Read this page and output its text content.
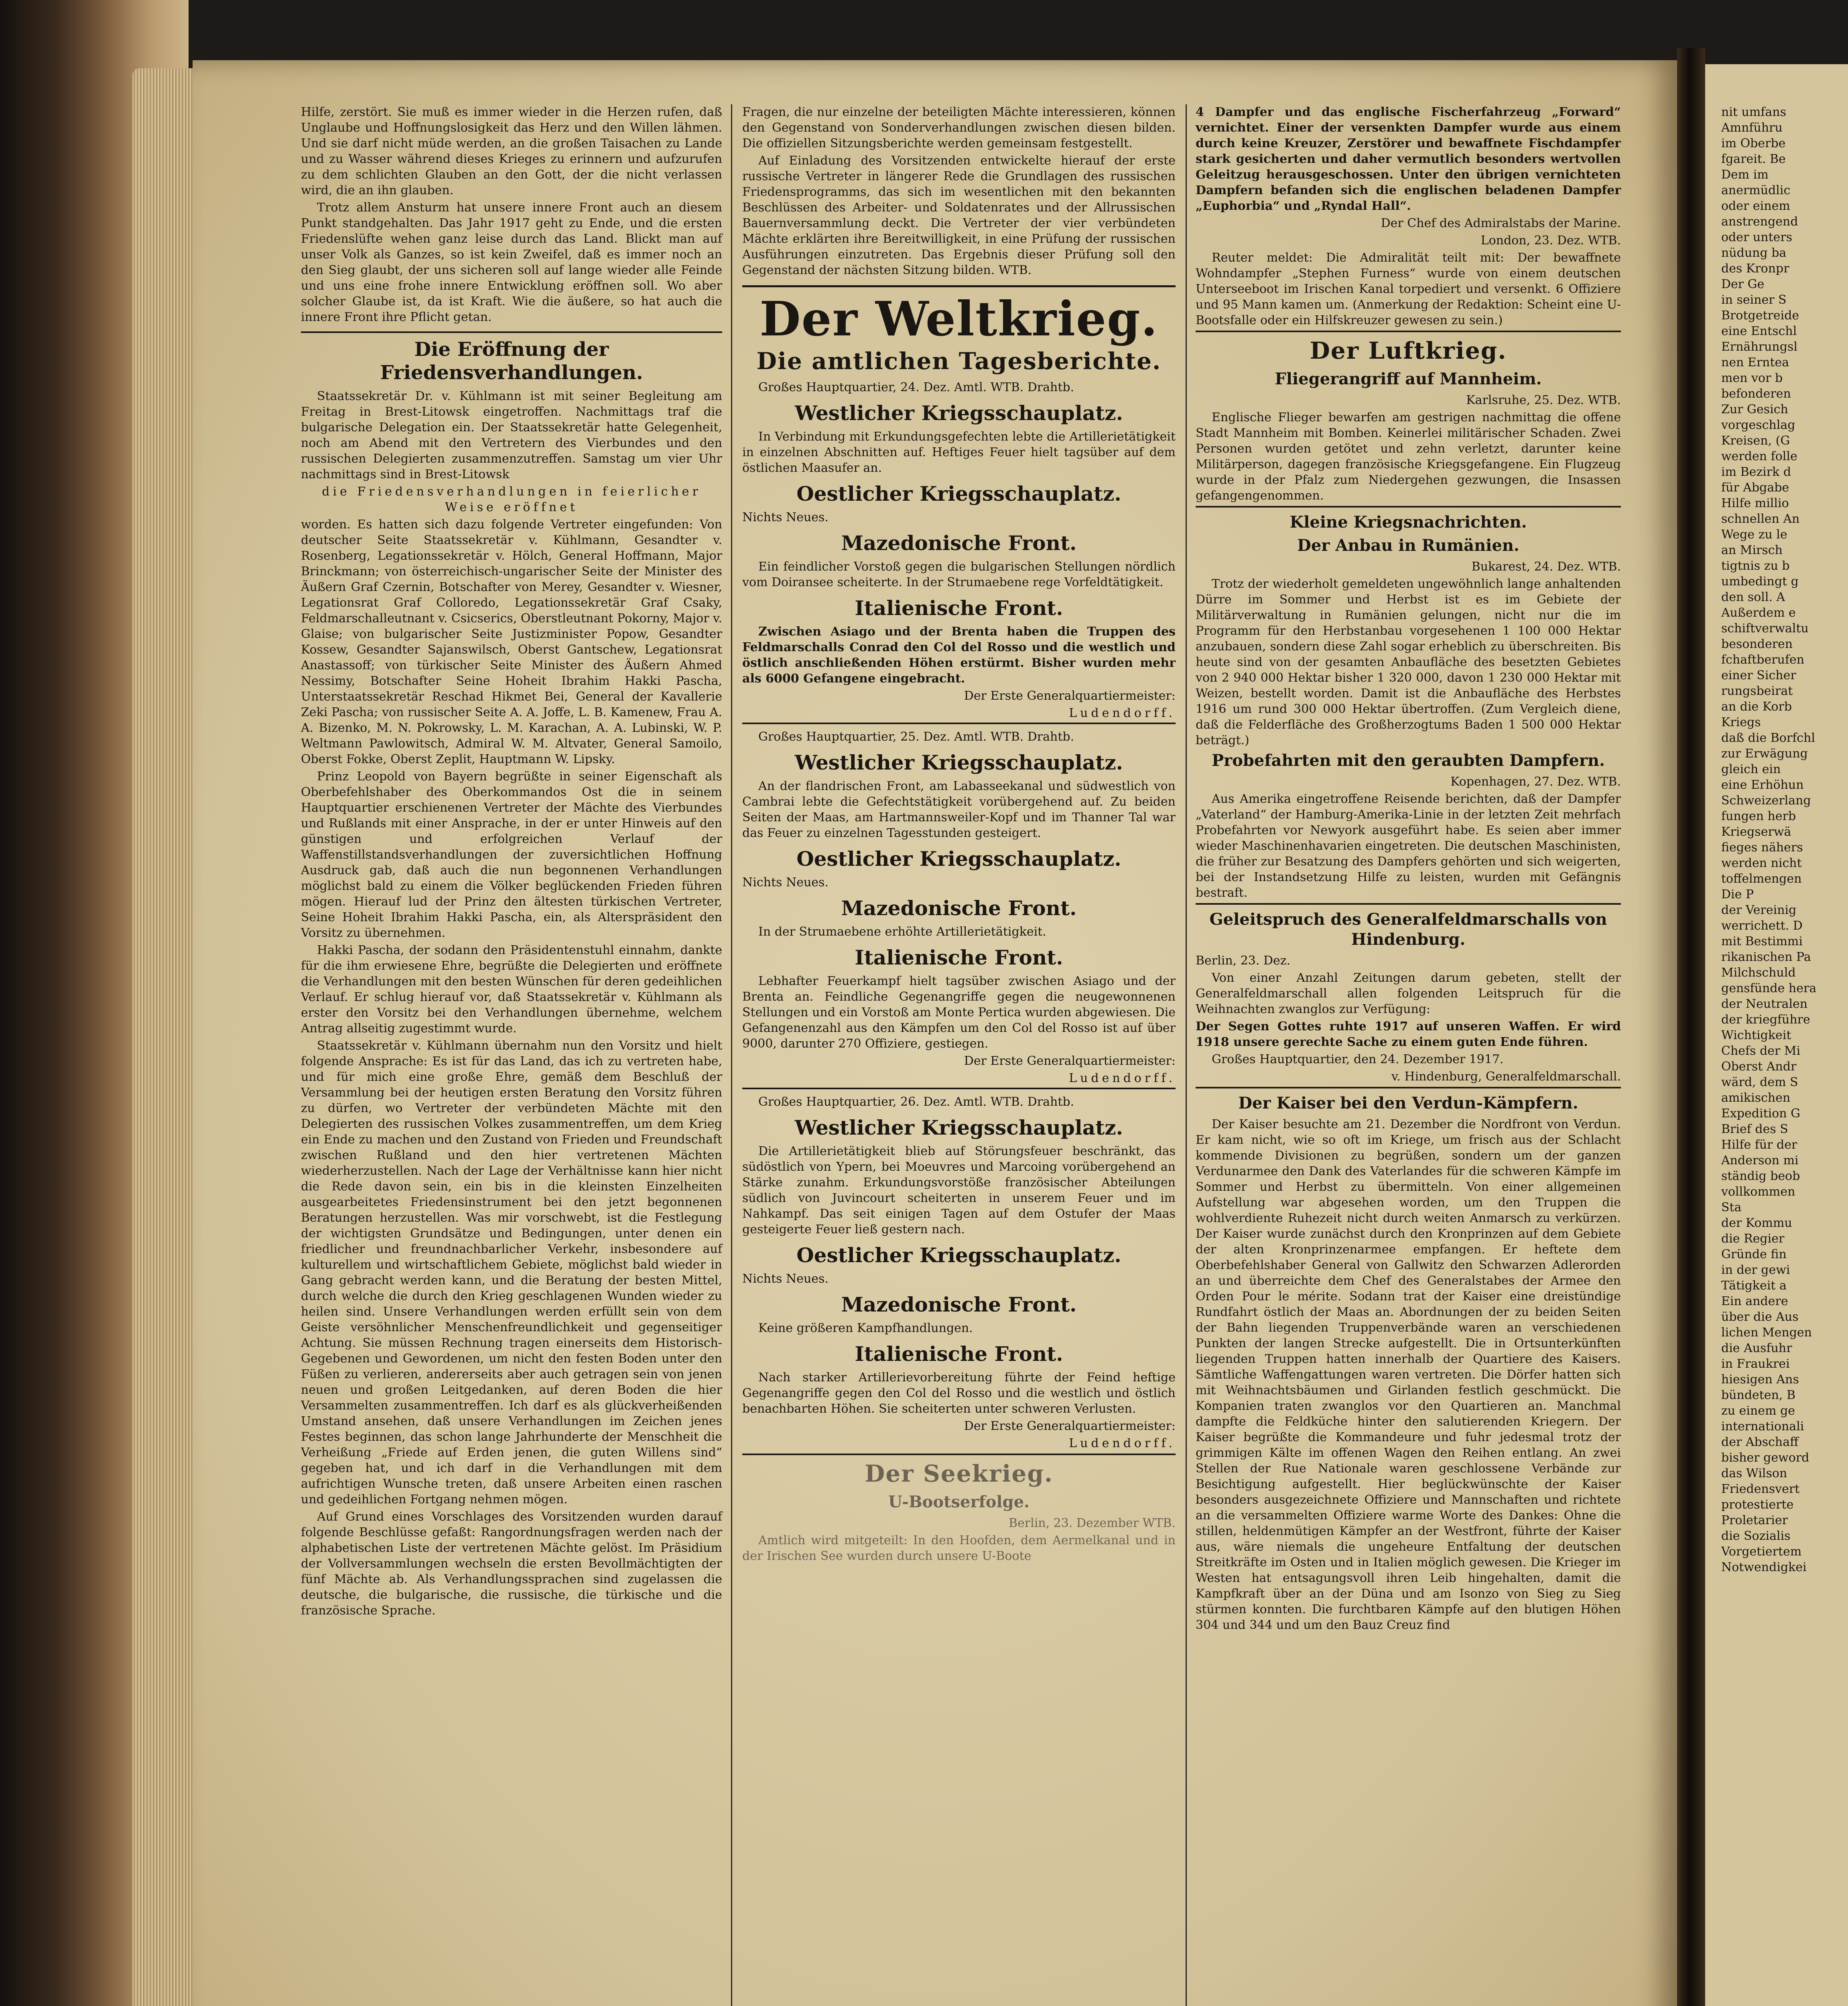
Hilfe, zerstört. Sie muß es immer wieder in die Herzen rufen, daß Unglaube und Hoffnungslosigkeit das Herz und den Willen lähmen. Und sie darf nicht müde werden, an die großen Taisachen zu Lande und zu Wasser während dieses Krieges zu erinnern und aufzurufen zu dem schlichten Glauben an den Gott, der die nicht verlassen wird, die an ihn glauben.

Trotz allem Ansturm hat unsere innere Front auch an diesem Punkt standgehalten. Das Jahr 1917 geht zu Ende, und die ersten Friedenslüfte wehen ganz leise durch das Land. Blickt man auf unser Volk als Ganzes, so ist kein Zweifel, daß es immer noch an den Sieg glaubt, der uns sicheren soll auf lange wieder alle Feinde und uns eine frohe innere Entwicklung eröffnen soll. Wo aber solcher Glaube ist, da ist Kraft. Wie die äußere, so hat auch die innere Front ihre Pflicht getan.

Die Eröffnung der Friedensverhandlungen.

Staatssekretär Dr. v. Kühlmann ist mit seiner Begleitung am Freitag in Brest-Litowsk eingetroffen. Nachmittags traf die bulgarische Delegation ein. Der Staatssekretär hatte Gelegenheit, noch am Abend mit den Vertretern des Vierbundes und den russischen Delegierten zusammenzutreffen. Samstag um vier Uhr nachmittags sind in Brest-Litowsk

die Friedensverhandlungen in feierlicher Weise eröffnet

worden. Es hatten sich dazu folgende Vertreter eingefunden: Von deutscher Seite Staatssekretär v. Kühlmann, Gesandter v. Rosenberg, Legationssekretär v. Hölch, General Hoffmann, Major Brinckmann; von österreichisch-ungarischer Seite der Minister des Äußern Graf Czernin, Botschafter von Merey, Gesandter v. Wiesner, Legationsrat Graf Colloredo, Legationssekretär Graf Csaky, Feldmarschalleutnant v. Csicserics, Oberstleutnant Pokorny, Major v. Glaise; von bulgarischer Seite Justizminister Popow, Gesandter Kossew, Gesandter Sajanswilsch, Oberst Gantschew, Legationsrat Anastassoff; von türkischer Seite Minister des Äußern Ahmed Nessimy, Botschafter Seine Hoheit Ibrahim Hakki Pascha, Unterstaatssekretär Reschad Hikmet Bei, General der Kavallerie Zeki Pascha; von russischer Seite A. A. Joffe, L. B. Kamenew, Frau A. A. Bizenko, M. N. Pokrowsky, L. M. Karachan, A. A. Lubinski, W. P. Weltmann Pawlowitsch, Admiral W. M. Altvater, General Samoilo, Oberst Fokke, Oberst Zeplit, Hauptmann W. Lipsky.

Prinz Leopold von Bayern begrüßte in seiner Eigenschaft als Oberbefehlshaber des Oberkommandos Ost die in seinem Hauptquartier erschienenen Vertreter der Mächte des Vierbundes und Rußlands mit einer Ansprache, in der er unter Hinweis auf den günstigen und erfolgreichen Verlauf der Waffenstillstandsverhandlungen der zuversichtlichen Hoffnung Ausdruck gab, daß auch die nun begonnenen Verhandlungen möglichst bald zu einem die Völker beglückenden Frieden führen mögen. Hierauf lud der Prinz den ältesten türkischen Vertreter, Seine Hoheit Ibrahim Hakki Pascha, ein, als Alterspräsident den Vorsitz zu übernehmen.

Hakki Pascha, der sodann den Präsidentenstuhl einnahm, dankte für die ihm erwiesene Ehre, begrüßte die Delegierten und eröffnete die Verhandlungen mit den besten Wünschen für deren gedeihlichen Verlauf. Er schlug hierauf vor, daß Staatssekretär v. Kühlmann als erster den Vorsitz bei den Verhandlungen übernehme, welchem Antrag allseitig zugestimmt wurde.

Staatssekretär v. Kühlmann übernahm nun den Vorsitz und hielt folgende Ansprache: Es ist für das Land, das ich zu vertreten habe, und für mich eine große Ehre, gemäß dem Beschluß der Versammlung bei der heutigen ersten Beratung den Vorsitz führen zu dürfen, wo Vertreter der verbündeten Mächte mit den Delegierten des russischen Volkes zusammentreffen, um dem Krieg ein Ende zu machen und den Zustand von Frieden und Freundschaft zwischen Rußland und den hier vertretenen Mächten wiederherzustellen. Nach der Lage der Verhältnisse kann hier nicht die Rede davon sein, ein bis in die kleinsten Einzelheiten ausgearbeitetes Friedensinstrument bei den jetzt begonnenen Beratungen herzustellen. Was mir vorschwebt, ist die Festlegung der wichtigsten Grundsätze und Bedingungen, unter denen ein friedlicher und freundnachbarlicher Verkehr, insbesondere auf kulturellem und wirtschaftlichem Gebiete, möglichst bald wieder in Gang gebracht werden kann, und die Beratung der besten Mittel, durch welche die durch den Krieg geschlagenen Wunden wieder zu heilen sind. Unsere Verhandlungen werden erfüllt sein von dem Geiste versöhnlicher Menschenfreundlichkeit und gegenseitiger Achtung. Sie müssen Rechnung tragen einerseits dem Historisch-Gegebenen und Gewordenen, um nicht den festen Boden unter den Füßen zu verlieren, andererseits aber auch getragen sein von jenen neuen und großen Leitgedanken, auf deren Boden die hier Versammelten zusammentreffen. Ich darf es als glückverheißenden Umstand ansehen, daß unsere Verhandlungen im Zeichen jenes Festes beginnen, das schon lange Jahrhunderte der Menschheit die Verheißung „Friede auf Erden jenen, die guten Willens sind“ gegeben hat, und ich darf in die Verhandlungen mit dem aufrichtigen Wunsche treten, daß unsere Arbeiten einen raschen und gedeihlichen Fortgang nehmen mögen.

Auf Grund eines Vorschlages des Vorsitzenden wurden darauf folgende Beschlüsse gefaßt: Rangordnungsfragen werden nach der alphabetischen Liste der vertretenen Mächte gelöst. Im Präsidium der Vollversammlungen wechseln die ersten Bevollmächtigten der fünf Mächte ab. Als Verhandlungssprachen sind zugelassen die deutsche, die bulgarische, die russische, die türkische und die französische Sprache.

Fragen, die nur einzelne der beteiligten Mächte interessieren, können den Gegenstand von Sonderverhandlungen zwischen diesen bilden. Die offiziellen Sitzungsberichte werden gemeinsam festgestellt.

Auf Einladung des Vorsitzenden entwickelte hierauf der erste russische Vertreter in längerer Rede die Grundlagen des russischen Friedensprogramms, das sich im wesentlichen mit den bekannten Beschlüssen des Arbeiter- und Soldatenrates und der Allrussischen Bauernversammlung deckt. Die Vertreter der vier verbündeten Mächte erklärten ihre Bereitwilligkeit, in eine Prüfung der russischen Ausführungen einzutreten. Das Ergebnis dieser Prüfung soll den Gegenstand der nächsten Sitzung bilden. WTB.

Der Weltkrieg.
Die amtlichen Tagesberichte.

Großes Hauptquartier, 24. Dez. Amtl. WTB. Drahtb.

Westlicher Kriegsschauplatz.

In Verbindung mit Erkundungsgefechten lebte die Artillerietätigkeit in einzelnen Abschnitten auf. Heftiges Feuer hielt tagsüber auf dem östlichen Maasufer an.

Oestlicher Kriegsschauplatz.

Nichts Neues.

Mazedonische Front.

Ein feindlicher Vorstoß gegen die bulgarischen Stellungen nördlich vom Doiransee scheiterte. In der Strumaebene rege Vorfeldtätigkeit.

Italienische Front.

Zwischen Asiago und der Brenta haben die Truppen des Feldmarschalls Conrad den Col del Rosso und die westlich und östlich anschließenden Höhen erstürmt. Bisher wurden mehr als 6000 Gefangene eingebracht.

Der Erste Generalquartiermeister:

Ludendorff.

Großes Hauptquartier, 25. Dez. Amtl. WTB. Drahtb.

Westlicher Kriegsschauplatz.

An der flandrischen Front, am Labasseekanal und südwestlich von Cambrai lebte die Gefechtstätigkeit vorübergehend auf. Zu beiden Seiten der Maas, am Hartmannsweiler-Kopf und im Thanner Tal war das Feuer zu einzelnen Tagesstunden gesteigert.

Oestlicher Kriegsschauplatz.

Nichts Neues.

Mazedonische Front.

In der Strumaebene erhöhte Artillerietätigkeit.

Italienische Front.

Lebhafter Feuerkampf hielt tagsüber zwischen Asiago und der Brenta an. Feindliche Gegenangriffe gegen die neugewonnenen Stellungen und ein Vorstoß am Monte Pertica wurden abgewiesen. Die Gefangenenzahl aus den Kämpfen um den Col del Rosso ist auf über 9000, darunter 270 Offiziere, gestiegen.

Der Erste Generalquartiermeister:

Ludendorff.

Großes Hauptquartier, 26. Dez. Amtl. WTB. Drahtb.

Westlicher Kriegsschauplatz.

Die Artillerietätigkeit blieb auf Störungsfeuer beschränkt, das südöstlich von Ypern, bei Moeuvres und Marcoing vorübergehend an Stärke zunahm. Erkundungsvorstöße französischer Abteilungen südlich von Juvincourt scheiterten in unserem Feuer und im Nahkampf. Das seit einigen Tagen auf dem Ostufer der Maas gesteigerte Feuer ließ gestern nach.

Oestlicher Kriegsschauplatz.

Nichts Neues.

Mazedonische Front.

Keine größeren Kampfhandlungen.

Italienische Front.

Nach starker Artillerievorbereitung führte der Feind heftige Gegenangriffe gegen den Col del Rosso und die westlich und östlich benachbarten Höhen. Sie scheiterten unter schweren Verlusten.

Der Erste Generalquartiermeister:

Ludendorff.

Der Seekrieg.
U-Bootserfolge.

Berlin, 23. Dezember WTB.

Amtlich wird mitgeteilt: In den Hoofden, dem Aermelkanal und in der Irischen See wurden durch unsere U-Boote

4 Dampfer und das englische Fischerfahrzeug „Forward“ vernichtet. Einer der versenkten Dampfer wurde aus einem durch keine Kreuzer, Zerstörer und bewaffnete Fischdampfer stark gesicherten und daher vermutlich besonders wertvollen Geleitzug herausgeschossen. Unter den übrigen vernichteten Dampfern befanden sich die englischen beladenen Dampfer „Euphorbia“ und „Ryndal Hall“.

Der Chef des Admiralstabs der Marine.

London, 23. Dez. WTB.

Reuter meldet: Die Admiralität teilt mit: Der bewaffnete Wohndampfer „Stephen Furness“ wurde von einem deutschen Unterseeboot im Irischen Kanal torpediert und versenkt. 6 Offiziere und 95 Mann kamen um. (Anmerkung der Redaktion: Scheint eine U-Bootsfalle oder ein Hilfskreuzer gewesen zu sein.)

Der Luftkrieg.
Fliegerangriff auf Mannheim.

Karlsruhe, 25. Dez. WTB.

Englische Flieger bewarfen am gestrigen nachmittag die offene Stadt Mannheim mit Bomben. Keinerlei militärischer Schaden. Zwei Personen wurden getötet und zehn verletzt, darunter keine Militärperson, dagegen französische Kriegsgefangene. Ein Flugzeug wurde in der Pfalz zum Niedergehen gezwungen, die Insassen gefangengenommen.

Kleine Kriegsnachrichten.
Der Anbau in Rumänien.

Bukarest, 24. Dez. WTB.

Trotz der wiederholt gemeldeten ungewöhnlich lange anhaltenden Dürre im Sommer und Herbst ist es im Gebiete der Militärverwaltung in Rumänien gelungen, nicht nur die im Programm für den Herbstanbau vorgesehenen 1 100 000 Hektar anzubauen, sondern diese Zahl sogar erheblich zu überschreiten. Bis heute sind von der gesamten Anbaufläche des besetzten Gebietes von 2 940 000 Hektar bisher 1 320 000, davon 1 230 000 Hektar mit Weizen, bestellt worden. Damit ist die Anbaufläche des Herbstes 1916 um rund 300 000 Hektar übertroffen. (Zum Vergleich diene, daß die Felderfläche des Großherzogtums Baden 1 500 000 Hektar beträgt.)

Probefahrten mit den geraubten Dampfern.

Kopenhagen, 27. Dez. WTB.

Aus Amerika eingetroffene Reisende berichten, daß der Dampfer „Vaterland“ der Hamburg-Amerika-Linie in der letzten Zeit mehrfach Probefahrten vor Newyork ausgeführt habe. Es seien aber immer wieder Maschinenhavarien eingetreten. Die deutschen Maschinisten, die früher zur Besatzung des Dampfers gehörten und sich weigerten, bei der Instandsetzung Hilfe zu leisten, wurden mit Gefängnis bestraft.

Geleitspruch des Generalfeldmarschalls von Hindenburg.

Berlin, 23. Dez.

Von einer Anzahl Zeitungen darum gebeten, stellt der Generalfeldmarschall allen folgenden Leitspruch für die Weihnachten zwanglos zur Verfügung:

Der Segen Gottes ruhte 1917 auf unseren Waffen. Er wird 1918 unsere gerechte Sache zu einem guten Ende führen.

Großes Hauptquartier, den 24. Dezember 1917.

v. Hindenburg, Generalfeldmarschall.

Der Kaiser bei den Verdun-Kämpfern.

Der Kaiser besuchte am 21. Dezember die Nordfront von Verdun. Er kam nicht, wie so oft im Kriege, um frisch aus der Schlacht kommende Divisionen zu begrüßen, sondern um der ganzen Verdunarmee den Dank des Vaterlandes für die schweren Kämpfe im Sommer und Herbst zu übermitteln. Von einer allgemeinen Aufstellung war abgesehen worden, um den Truppen die wohlverdiente Ruhezeit nicht durch weiten Anmarsch zu verkürzen. Der Kaiser wurde zunächst durch den Kronprinzen auf dem Gebiete der alten Kronprinzenarmee empfangen. Er heftete dem Oberbefehlshaber General von Gallwitz den Schwarzen Adlerorden an und überreichte dem Chef des Generalstabes der Armee den Orden Pour le mérite. Sodann trat der Kaiser eine dreistündige Rundfahrt östlich der Maas an. Abordnungen der zu beiden Seiten der Bahn liegenden Truppenverbände waren an verschiedenen Punkten der langen Strecke aufgestellt. Die in Ortsunterkünften liegenden Truppen hatten innerhalb der Quartiere des Kaisers. Sämtliche Waffengattungen waren vertreten. Die Dörfer hatten sich mit Weihnachtsbäumen und Girlanden festlich geschmückt. Die Kompanien traten zwanglos vor den Quartieren an. Manchmal dampfte die Feldküche hinter den salutierenden Kriegern. Der Kaiser begrüßte die Kommandeure und fuhr jedesmal trotz der grimmigen Kälte im offenen Wagen den Reihen entlang. An zwei Stellen der Rue Nationale waren geschlossene Verbände zur Besichtigung aufgestellt. Hier beglückwünschte der Kaiser besonders ausgezeichnete Offiziere und Mannschaften und richtete an die versammelten Offiziere warme Worte des Dankes: Ohne die stillen, heldenmütigen Kämpfer an der Westfront, führte der Kaiser aus, wäre niemals die ungeheure Entfaltung der deutschen Streitkräfte im Osten und in Italien möglich gewesen. Die Krieger im Westen hat entsagungsvoll ihren Leib hingehalten, damit die Kampfkraft über an der Düna und am Isonzo von Sieg zu Sieg stürmen konnten. Die furchtbaren Kämpfe auf den blutigen Höhen 304 und 344 und um den Bauz Creuz find

nit umfans
Amnführu
im Oberbe
fgareit. Be
Dem im
anermüdlic
oder einem
anstrengend
oder unters
nüdung ba
des Kronpr
Der Ge
in seiner S
Brotgetreide
eine Entschl
Ernährungsl
nen Erntea
men vor b
befonderen
Zur Gesich
vorgeschlag
Kreisen, (G
werden folle
im Bezirk d
für Abgabe
Hilfe millio
schnellen An
Wege zu le
an Mirsch
tigtnis zu b
umbedingt g
den soll. A
Außerdem e
schiftverwaltu
besonderen
fchaftberufen
einer Sicher
rungsbeirat
an die Korb
Kriegs
daß die Borfchl
zur Erwägung
gleich ein
eine Erhöhun
Schweizerlang
fungen herb
Kriegserwä
fieges nähers
werden nicht
toffelmengen
Die P
der Vereinig
werrichett. D
mit Bestimmi
rikanischen Pa
Milchschuld
gensfünde hera
der Neutralen
der kriegführe
Wichtigkeit
Chefs der Mi
Oberst Andr
wärd, dem S
amikischen
Expedition G
Brief des S
Hilfe für der
Anderson mi
ständig beob
vollkommen
Sta
der Kommu
die Regier
Gründe fin
in der gewi
Tätigkeit a
Ein andere
über die Aus
lichen Mengen
die Ausfuhr
in Fraukrei
hiesigen Ans
bündeten, B
zu einem ge
internationali
der Abschaff
bisher geword
das Wilson
Friedensvert
protestierte
Proletarier
die Sozialis
Vorgetiertem
Notwendigkei
